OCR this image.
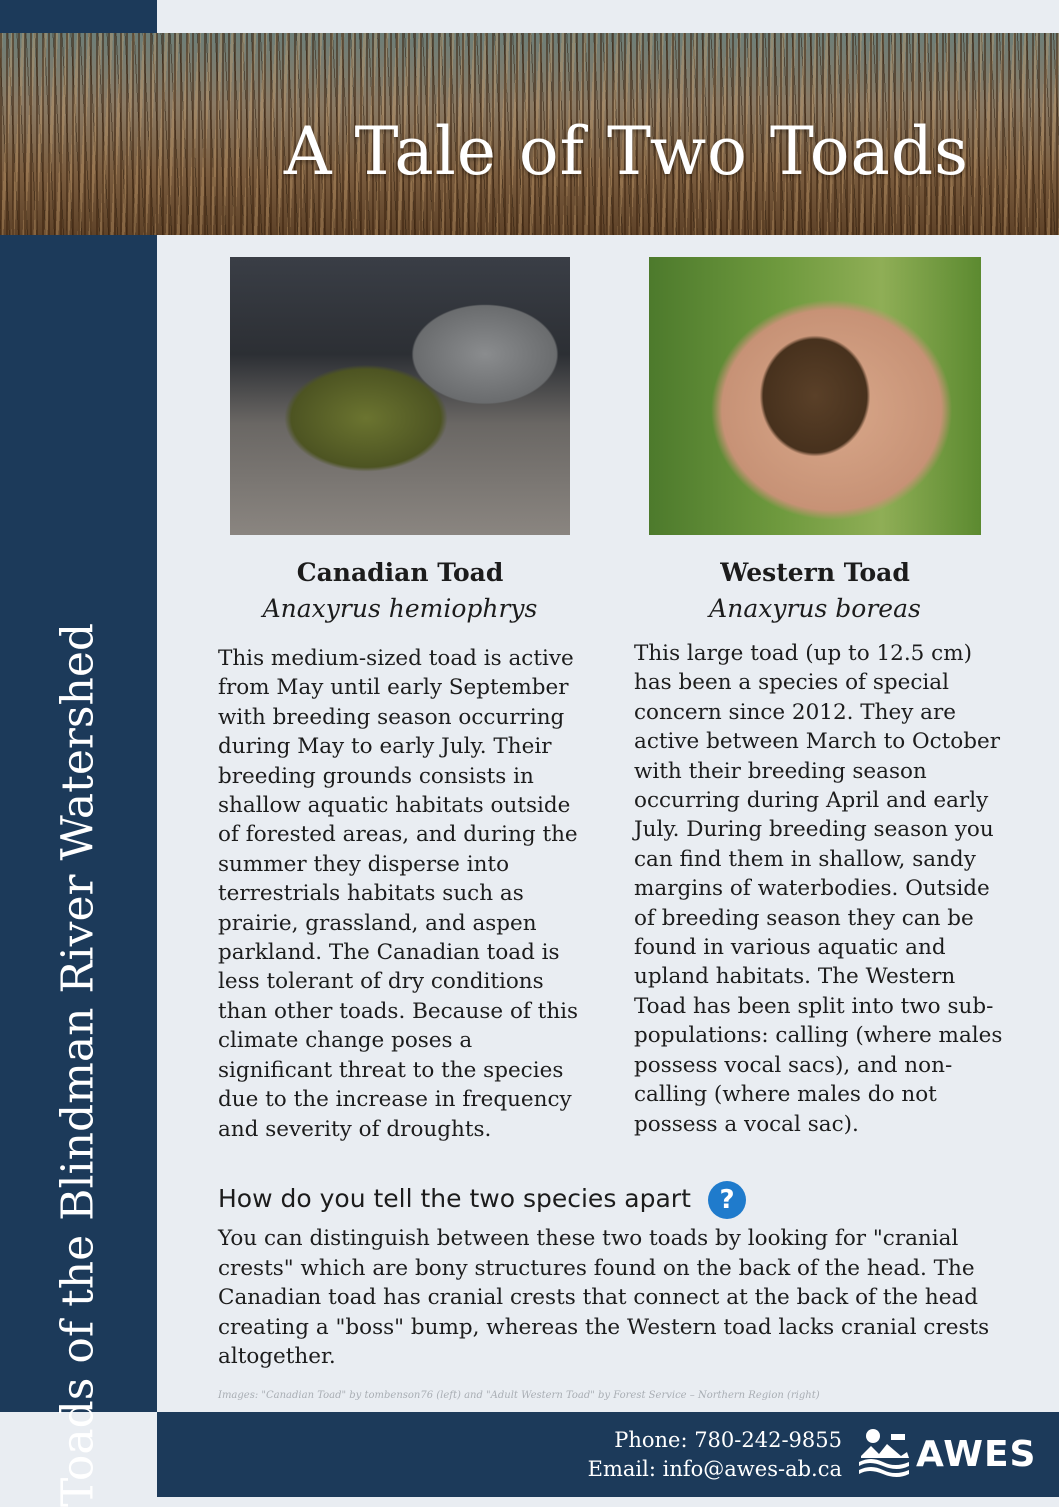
A Tale of Two Toads
Toads of the Blindman River Watershed
Canadian Toad
Anaxyrus hemiophrys
Western Toad
Anaxyrus boreas
This medium-sized toad is active from May until early September with breeding season occurring during May to early July. Their breeding grounds consists in shallow aquatic habitats outside of forested areas, and during the summer they disperse into terrestrials habitats such as prairie, grassland, and aspen parkland. The Canadian toad is less tolerant of dry conditions than other toads. Because of this climate change poses a significant threat to the species due to the increase in frequency and severity of droughts.
This large toad (up to 12.5 cm) has been a species of special concern since 2012. They are active between March to October with their breeding season occurring during April and early July. During breeding season you can find them in shallow, sandy margins of waterbodies. Outside of breeding season they can be found in various aquatic and upland habitats. The Western Toad has been split into two sub-populations: calling (where males possess vocal sacs), and non-calling (where males do not possess a vocal sac).
How do you tell the two species apart	?
You can distinguish between these two toads by looking for "cranial crests" which are bony structures found on the back of the head. The Canadian toad has cranial crests that connect at the back of the head creating a "boss" bump, whereas the Western toad lacks cranial crests altogether.
Images: "Canadian Toad" by tombenson76 (left) and "Adult Western Toad" by Forest Service – Northern Region (right)
Phone: 780-242-9855
Email: info@awes-ab.ca AWES
